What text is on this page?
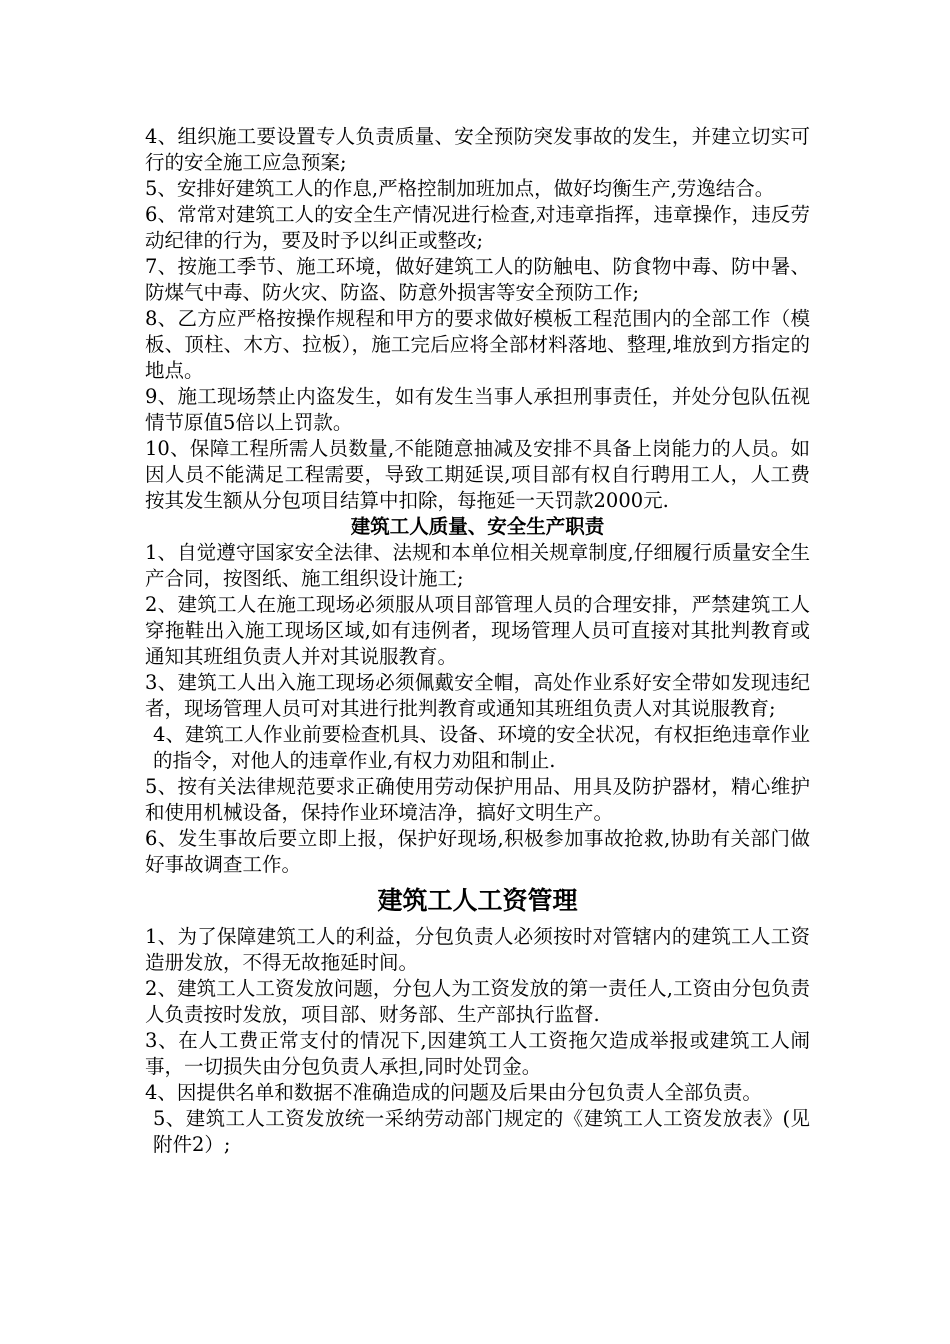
4、组织施工要设置专人负责质量、安全预防突发事故的发生，并建立切实可行的安全施工应急预案;

5、安排好建筑工人的作息,严格控制加班加点，做好均衡生产,劳逸结合。

6、常常对建筑工人的安全生产情况进行检查,对违章指挥，违章操作，违反劳动纪律的行为，要及时予以纠正或整改;

7、按施工季节、施工环境，做好建筑工人的防触电、防食物中毒、防中暑、防煤气中毒、防火灾、防盗、防意外损害等安全预防工作;

8、乙方应严格按操作规程和甲方的要求做好模板工程范围内的全部工作（模板、顶柱、木方、拉板），施工完后应将全部材料落地、整理,堆放到方指定的地点。

9、施工现场禁止内盗发生，如有发生当事人承担刑事责任，并处分包队伍视情节原值5倍以上罚款。

10、保障工程所需人员数量,不能随意抽减及安排不具备上岗能力的人员。如因人员不能满足工程需要，导致工期延误,项目部有权自行聘用工人，人工费按其发生额从分包项目结算中扣除，每拖延一天罚款2000元.

建筑工人质量、安全生产职责

1、自觉遵守国家安全法律、法规和本单位相关规章制度,仔细履行质量安全生产合同，按图纸、施工组织设计施工;

2、建筑工人在施工现场必须服从项目部管理人员的合理安排，严禁建筑工人穿拖鞋出入施工现场区域,如有违例者，现场管理人员可直接对其批判教育或通知其班组负责人并对其说服教育。

3、建筑工人出入施工现场必须佩戴安全帽，高处作业系好安全带如发现违纪者，现场管理人员可对其进行批判教育或通知其班组负责人对其说服教育;

4、建筑工人作业前要检查机具、设备、环境的安全状况，有权拒绝违章作业的指令，对他人的违章作业,有权力劝阻和制止.

5、按有关法律规范要求正确使用劳动保护用品、用具及防护器材，精心维护和使用机械设备，保持作业环境洁净，搞好文明生产。

6、发生事故后要立即上报，保护好现场,积极参加事故抢救,协助有关部门做好事故调查工作。

建筑工人工资管理

1、为了保障建筑工人的利益，分包负责人必须按时对管辖内的建筑工人工资造册发放，不得无故拖延时间。

2、建筑工人工资发放问题，分包人为工资发放的第一责任人,工资由分包负责人负责按时发放，项目部、财务部、生产部执行监督.

3、在人工费正常支付的情况下,因建筑工人工资拖欠造成举报或建筑工人闹事，一切损失由分包负责人承担,同时处罚金。

4、因提供名单和数据不准确造成的问题及后果由分包负责人全部负责。

5、建筑工人工资发放统一采纳劳动部门规定的《建筑工人工资发放表》(见附件2）;
